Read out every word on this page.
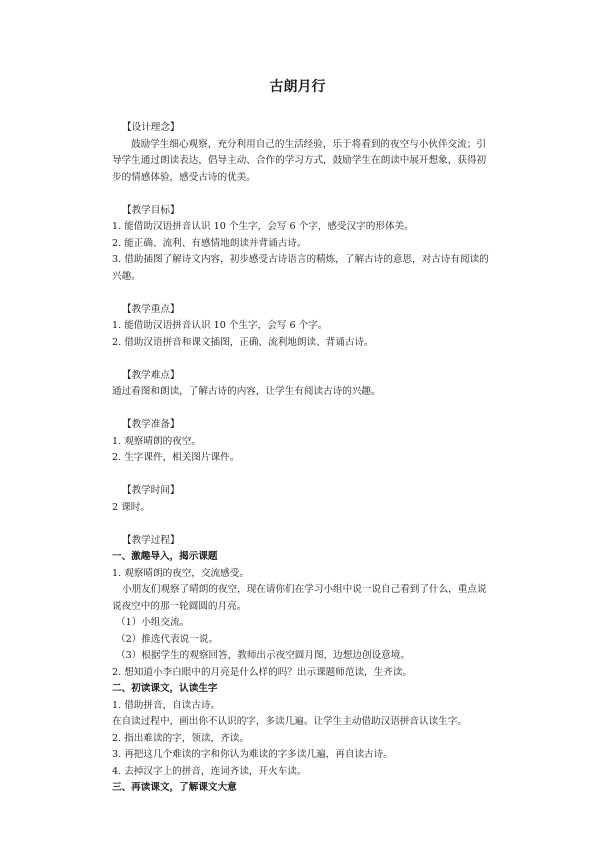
古朗月行
【设计理念】
鼓励学生细心观察，充分利用自己的生活经验，乐于将看到的夜空与小伙伴交流；引导学生通过朗读表达，倡导主动、合作的学习方式，鼓励学生在朗读中展开想象，获得初步的情感体验，感受古诗的优美。
【教学目标】
1. 能借助汉语拼音认识 10 个生字，会写 6 个字，感受汉字的形体美。
2. 能正确、流利、有感情地朗读并背诵古诗。
3. 借助插图了解诗文内容，初步感受古诗语言的精炼，了解古诗的意思，对古诗有阅读的兴趣。
【教学重点】
1. 能借助汉语拼音认识 10 个生字，会写 6 个字。
2. 借助汉语拼音和课文插图，正确、流利地朗读、背诵古诗。
【教学难点】
通过看图和朗读，了解古诗的内容，让学生有阅读古诗的兴趣。
【教学准备】
1. 观察晴朗的夜空。
2. 生字课件，相关图片课件。
【教学时间】
2 课时。
【教学过程】
一、激趣导入，揭示课题
1. 观察晴朗的夜空，交流感受。
小朋友们观察了晴朗的夜空，现在请你们在学习小组中说一说自己看到了什么，重点说说夜空中的那一轮圆圆的月亮。
（1）小组交流。
（2）推选代表说一说。
（3）根据学生的观察回答，教师出示夜空圆月图，边想边创设意境。
2. 想知道小李白眼中的月亮是什么样的吗？出示课题师范读，生齐读。
二、初读课文，认读生字
1. 借助拼音，自读古诗。
在自读过程中，画出你不认识的字，多读几遍。让学生主动借助汉语拼音认读生字。
2. 指出难读的字，领读，齐读。
3. 再把这几个难读的字和你认为难读的字多读几遍，再自读古诗。
4. 去掉汉字上的拼音，连词齐读，开火车读。
三、再读课文，了解课文大意
